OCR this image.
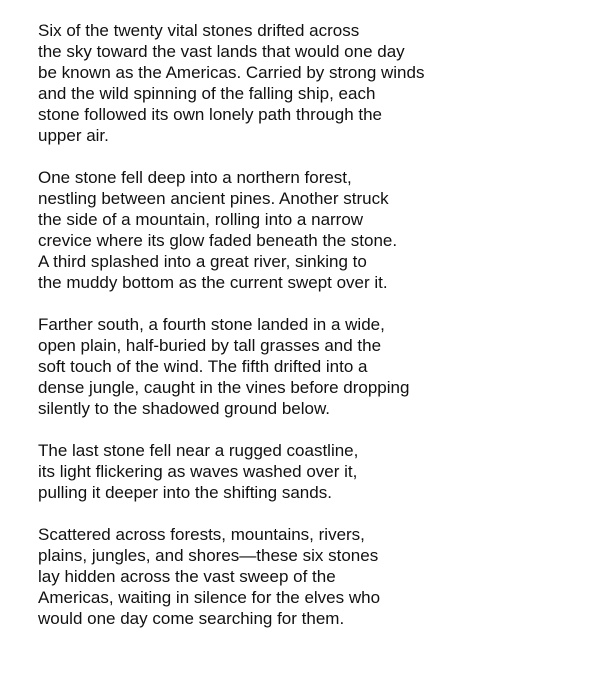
Six of the twenty vital stones drifted across
the sky toward the vast lands that would one day
be known as the Americas. Carried by strong winds
and the wild spinning of the falling ship, each
stone followed its own lonely path through the
upper air.

One stone fell deep into a northern forest,
nestling between ancient pines. Another struck
the side of a mountain, rolling into a narrow
crevice where its glow faded beneath the stone.
A third splashed into a great river, sinking to
the muddy bottom as the current swept over it.

Farther south, a fourth stone landed in a wide,
open plain, half-buried by tall grasses and the
soft touch of the wind. The fifth drifted into a
dense jungle, caught in the vines before dropping
silently to the shadowed ground below.

The last stone fell near a rugged coastline,
its light flickering as waves washed over it,
pulling it deeper into the shifting sands.

Scattered across forests, mountains, rivers,
plains, jungles, and shores—these six stones
lay hidden across the vast sweep of the
Americas, waiting in silence for the elves who
would one day come searching for them.
